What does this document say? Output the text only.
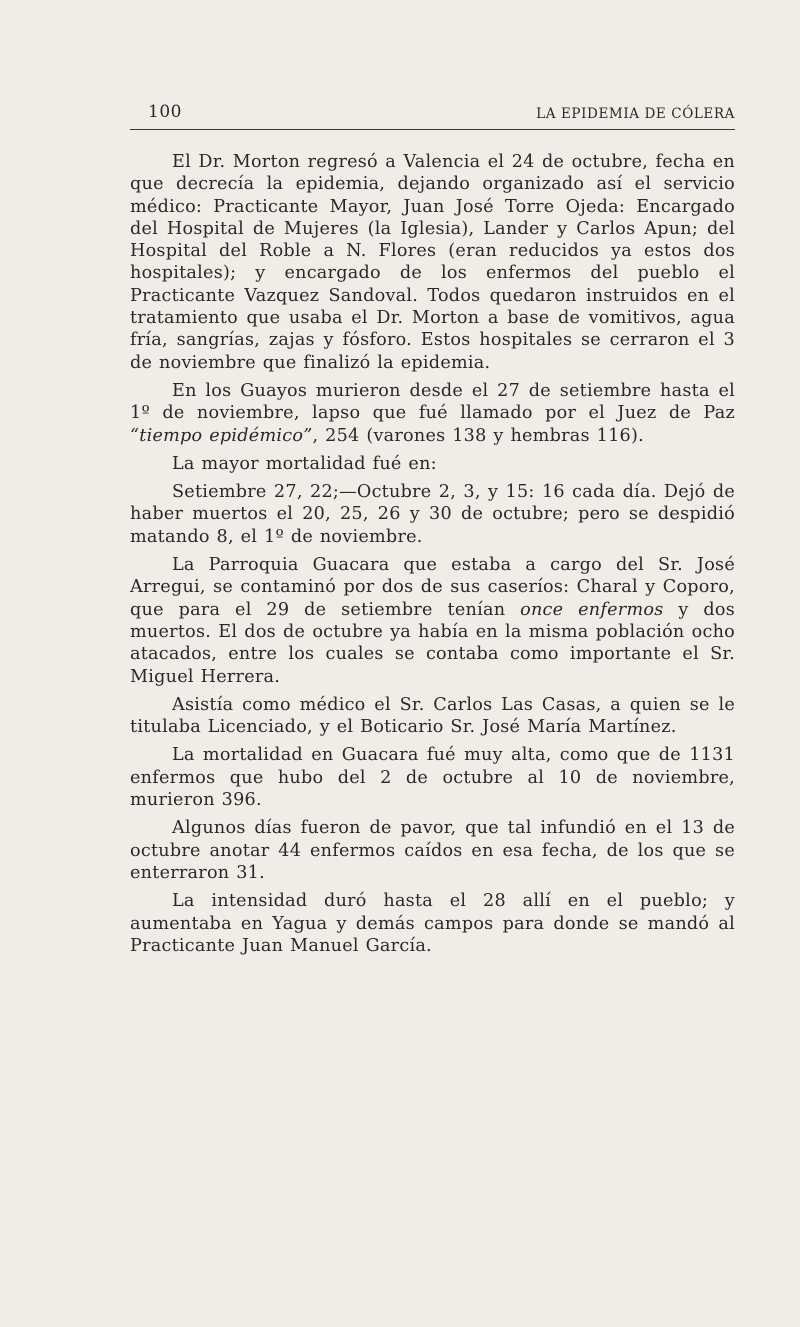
100	LA EPIDEMIA DE CÓLERA

El Dr. Morton regresó a Valencia el 24 de octubre, fecha en que decrecía la epidemia, dejando organizado así el servicio médico: Practicante Mayor, Juan José Torre Ojeda: Encargado del Hospital de Mujeres (la Iglesia), Lander y Carlos Apun; del Hospital del Roble a N. Flores (eran reducidos ya estos dos hospitales); y encargado de los enfermos del pueblo el Practicante Vazquez Sandoval. Todos quedaron instruidos en el tratamiento que usaba el Dr. Morton a base de vomitivos, agua fría, sangrías, zajas y fósforo. Estos hospitales se cerraron el 3 de noviembre que finalizó la epidemia.

En los Guayos murieron desde el 27 de setiembre hasta el 1º de noviembre, lapso que fué llamado por el Juez de Paz “tiempo epidémico”, 254 (varones 138 y hembras 116).

La mayor mortalidad fué en:

Setiembre 27, 22;—Octubre 2, 3, y 15: 16 cada día. Dejó de haber muertos el 20, 25, 26 y 30 de octubre; pero se despidió matando 8, el 1º de noviembre.

La Parroquia Guacara que estaba a cargo del Sr. José Arregui, se contaminó por dos de sus caseríos: Charal y Coporo, que para el 29 de setiembre tenían once enfermos y dos muertos. El dos de octubre ya había en la misma población ocho atacados, entre los cuales se contaba como importante el Sr. Miguel Herrera.

Asistía como médico el Sr. Carlos Las Casas, a quien se le titulaba Licenciado, y el Boticario Sr. José María Martínez.

La mortalidad en Guacara fué muy alta, como que de 1131 enfermos que hubo del 2 de octubre al 10 de noviembre, murieron 396.

Algunos días fueron de pavor, que tal infundió en el 13 de octubre anotar 44 enfermos caídos en esa fecha, de los que se enterraron 31.

La intensidad duró hasta el 28 allí en el pueblo; y aumentaba en Yagua y demás campos para donde se mandó al Practicante Juan Manuel García.
